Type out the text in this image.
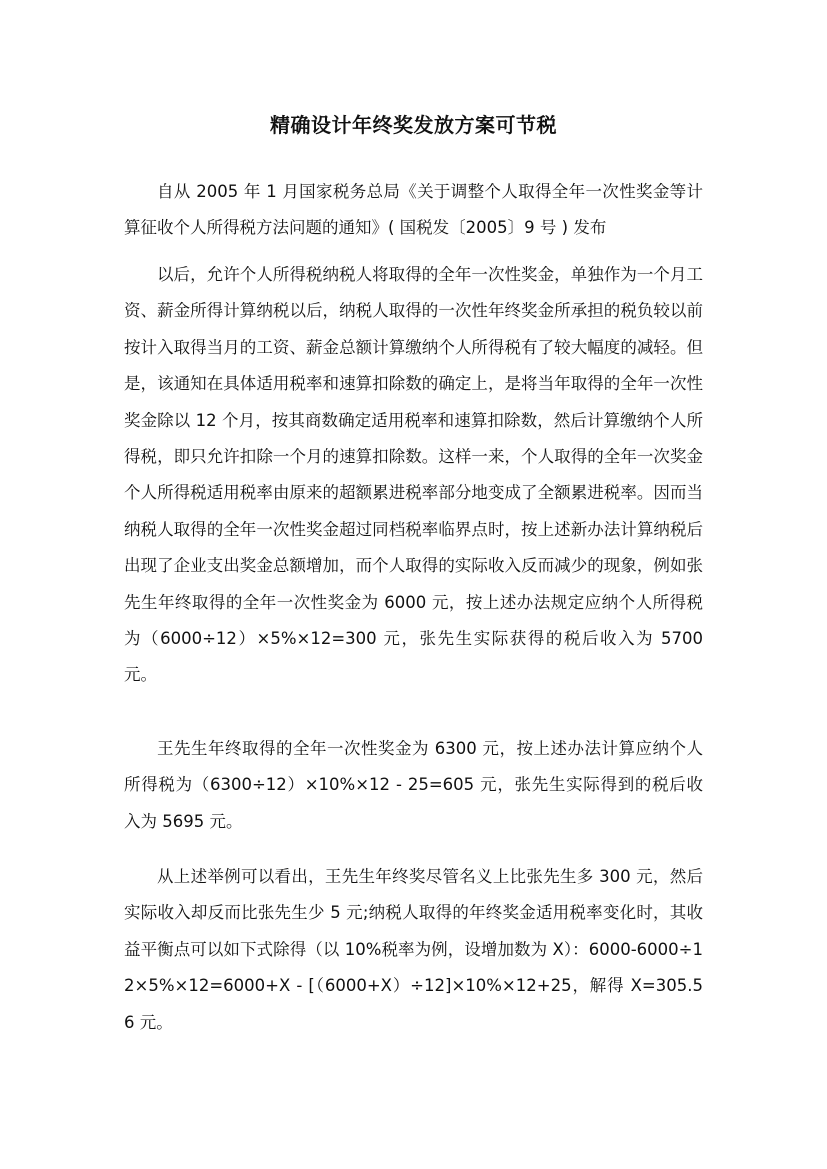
精确设计年终奖发放方案可节税

自从 2005 年 1 月国家税务总局《关于调整个人取得全年一次性奖金等计算征收个人所得税方法问题的通知》( 国税发〔2005〕9 号 ) 发布

以后，允许个人所得税纳税人将取得的全年一次性奖金，单独作为一个月工资、薪金所得计算纳税以后，纳税人取得的一次性年终奖金所承担的税负较以前按计入取得当月的工资、薪金总额计算缴纳个人所得税有了较大幅度的减轻。但是，该通知在具体适用税率和速算扣除数的确定上，是将当年取得的全年一次性奖金除以 12 个月，按其商数确定适用税率和速算扣除数，然后计算缴纳个人所得税，即只允许扣除一个月的速算扣除数。这样一来，个人取得的全年一次奖金个人所得税适用税率由原来的超额累进税率部分地变成了全额累进税率。因而当纳税人取得的全年一次性奖金超过同档税率临界点时，按上述新办法计算纳税后出现了企业支出奖金总额增加，而个人取得的实际收入反而减少的现象，例如张先生年终取得的全年一次性奖金为 6000 元，按上述办法规定应纳个人所得税为（6000÷12）×5%×12=300 元，张先生实际获得的税后收入为 5700 元。

王先生年终取得的全年一次性奖金为 6300 元，按上述办法计算应纳个人所得税为（6300÷12）×10%×12 - 25=605 元，张先生实际得到的税后收入为 5695 元。

从上述举例可以看出，王先生年终奖尽管名义上比张先生多 300 元，然后实际收入却反而比张先生少 5 元;纳税人取得的年终奖金适用税率变化时，其收益平衡点可以如下式除得（以 10%税率为例，设增加数为 X）：6000-6000÷12×5%×12=6000+X - [（6000+X）÷12]×10%×12+25，解得 X=305.56 元。
